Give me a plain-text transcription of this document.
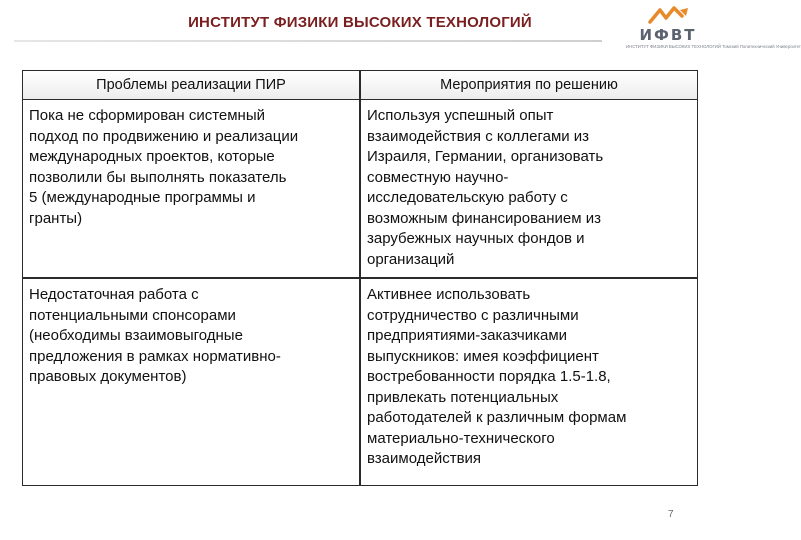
ИНСТИТУТ ФИЗИКИ ВЫСОКИХ ТЕХНОЛОГИЙ
ИФВТ
ИНСТИТУТ ФИЗИКИ ВЫСОКИХ ТЕХНОЛОГИЙ Томский Политехнический Университет
Проблемы реализации ПИР	Мероприятия по решению
Пока не сформирован системный
подход по продвижению и реализации
международных проектов, которые
позволили бы выполнять показатель
5 (международные программы и
гранты)
Используя успешный опыт
взаимодействия с коллегами из
Израиля, Германии, организовать
совместную научно-
исследовательскую работу с
возможным финансированием из
зарубежных научных фондов и
организаций
Недостаточная работа с
потенциальными спонсорами
(необходимы взаимовыгодные
предложения в рамках нормативно-
правовых документов)
Активнее использовать
сотрудничество с различными
предприятиями-заказчиками
выпускников: имея коэффициент
востребованности порядка 1.5-1.8,
привлекать потенциальных
работодателей к различным формам
материально-технического
взаимодействия
7
